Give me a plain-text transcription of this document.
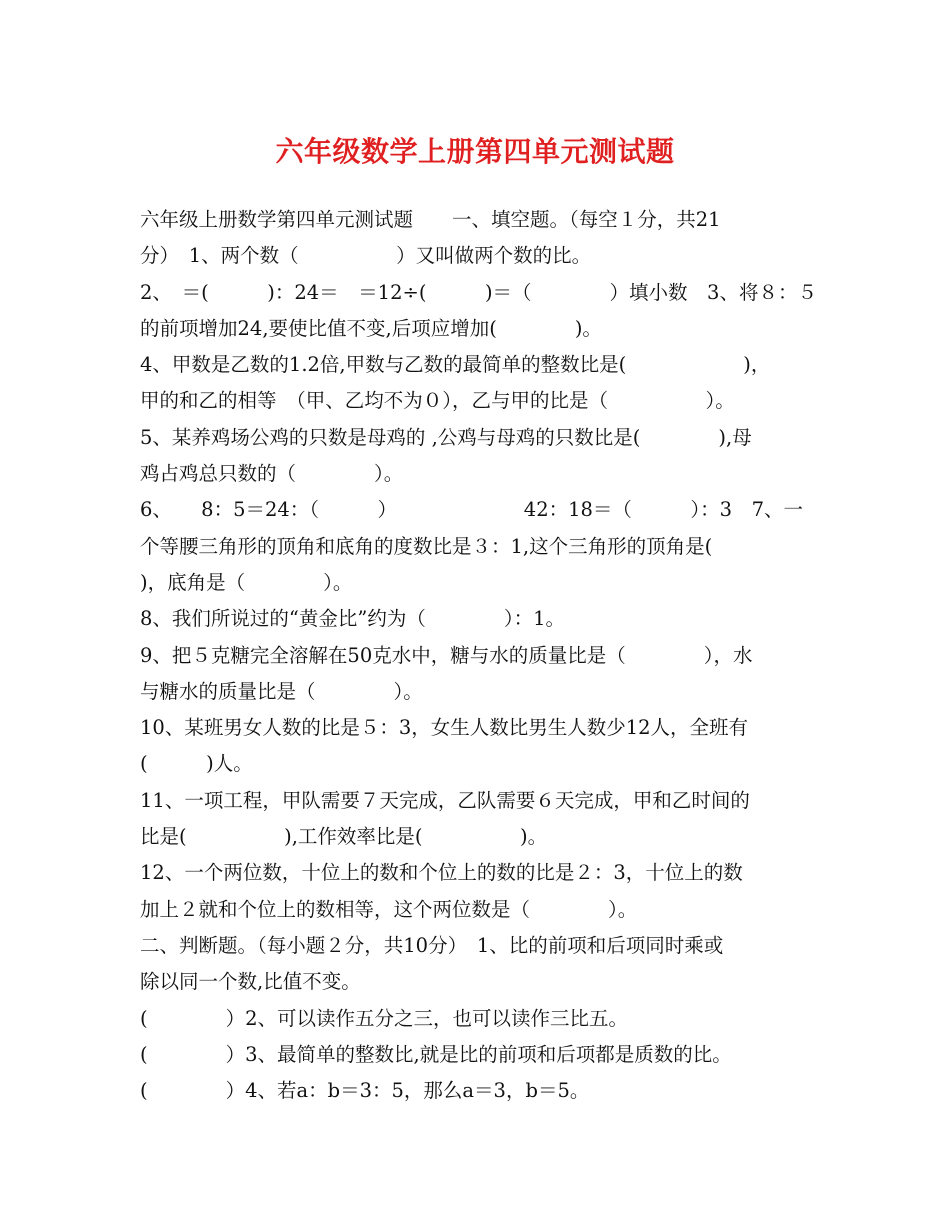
六年级数学上册第四单元测试题
六年级上册数学第四单元测试题　　一、填空题。（每空１分，共21
分）　1、两个数（　　　　　）又叫做两个数的比。
2、　＝(　　　)：24＝　＝12÷(　　　)＝（　　　　）填小数　3、将８：５
的前项增加24,要使比值不变,后项应增加(　　　　)。
4、甲数是乙数的1.2倍,甲数与乙数的最简单的整数比是(　　　　　　)，
甲的和乙的相等　（甲、乙均不为０），乙与甲的比是（　　　　　）。
5、某养鸡场公鸡的只数是母鸡的 ,公鸡与母鸡的只数比是(　　　　),母
鸡占鸡总只数的（　　　　）。
6、　　8：5＝24：（　　　）　　　　　　　42：18＝（　　　）：3　7、一
个等腰三角形的顶角和底角的度数比是３：1,这个三角形的顶角是(
)，底角是（　　　　）。
8、我们所说过的“黄金比”约为（　　　　）：1。
9、把５克糖完全溶解在50克水中，糖与水的质量比是（　　　　），水
与糖水的质量比是（　　　　）。
10、某班男女人数的比是５：3，女生人数比男生人数少12人，全班有
(　　　)人。
11、一项工程，甲队需要７天完成，乙队需要６天完成，甲和乙时间的
比是(　　　　　),工作效率比是(　　　　　)。
12、一个两位数，十位上的数和个位上的数的比是２：3，十位上的数
加上２就和个位上的数相等，这个两位数是（　　　　）。
二、判断题。（每小题２分，共10分）　1、比的前项和后项同时乘或
除以同一个数,比值不变。
(　　　　）2、可以读作五分之三，也可以读作三比五。
(　　　　）3、最简单的整数比,就是比的前项和后项都是质数的比。
(　　　　）4、若a：b＝3：5，那么a＝3，b＝5。
